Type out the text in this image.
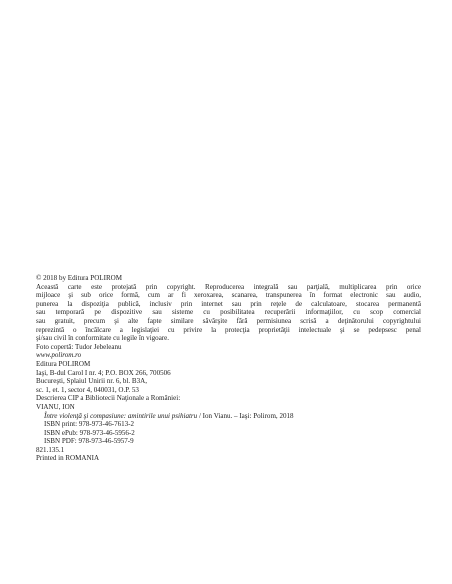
© 2018 by Editura POLIROM

Această carte este protejată prin copyright. Reproducerea integrală sau parţială, multiplicarea prin orice
mijloace şi sub orice formă, cum ar fi xeroxarea, scanarea, transpunerea în format electronic sau audio,
punerea la dispoziţia publică, inclusiv prin internet sau prin reţele de calculatoare, stocarea permanentă
sau temporară pe dispozitive sau sisteme cu posibilitatea recuperării informaţiilor, cu scop comercial
sau gratuit, precum şi alte fapte similare săvârşite fără permisiunea scrisă a deţinătorului copyrightului
reprezintă o încălcare a legislaţiei cu privire la protecţia proprietăţii intelectuale şi se pedepsesc penal
şi/sau civil în conformitate cu legile în vigoare.

Foto copertă: Tudor Jebeleanu

www.polirom.ro

Editura POLIROM
Iaşi, B-dul Carol I nr. 4; P.O. BOX 266, 700506
Bucureşti, Splaiul Unirii nr. 6, bl. B3A,
sc. 1, et. 1, sector 4, 040031, O.P. 53

Descrierea CIP a Bibliotecii Naţionale a României:
VIANU, ION
Între violenţă şi compasiune: amintirile unui psihiatru / Ion Vianu. – Iaşi: Polirom, 2018

ISBN print: 978-973-46-7613-2
ISBN ePub: 978-973-46-5956-2
ISBN PDF: 978-973-46-5957-9

821.135.1

Printed in ROMANIA
